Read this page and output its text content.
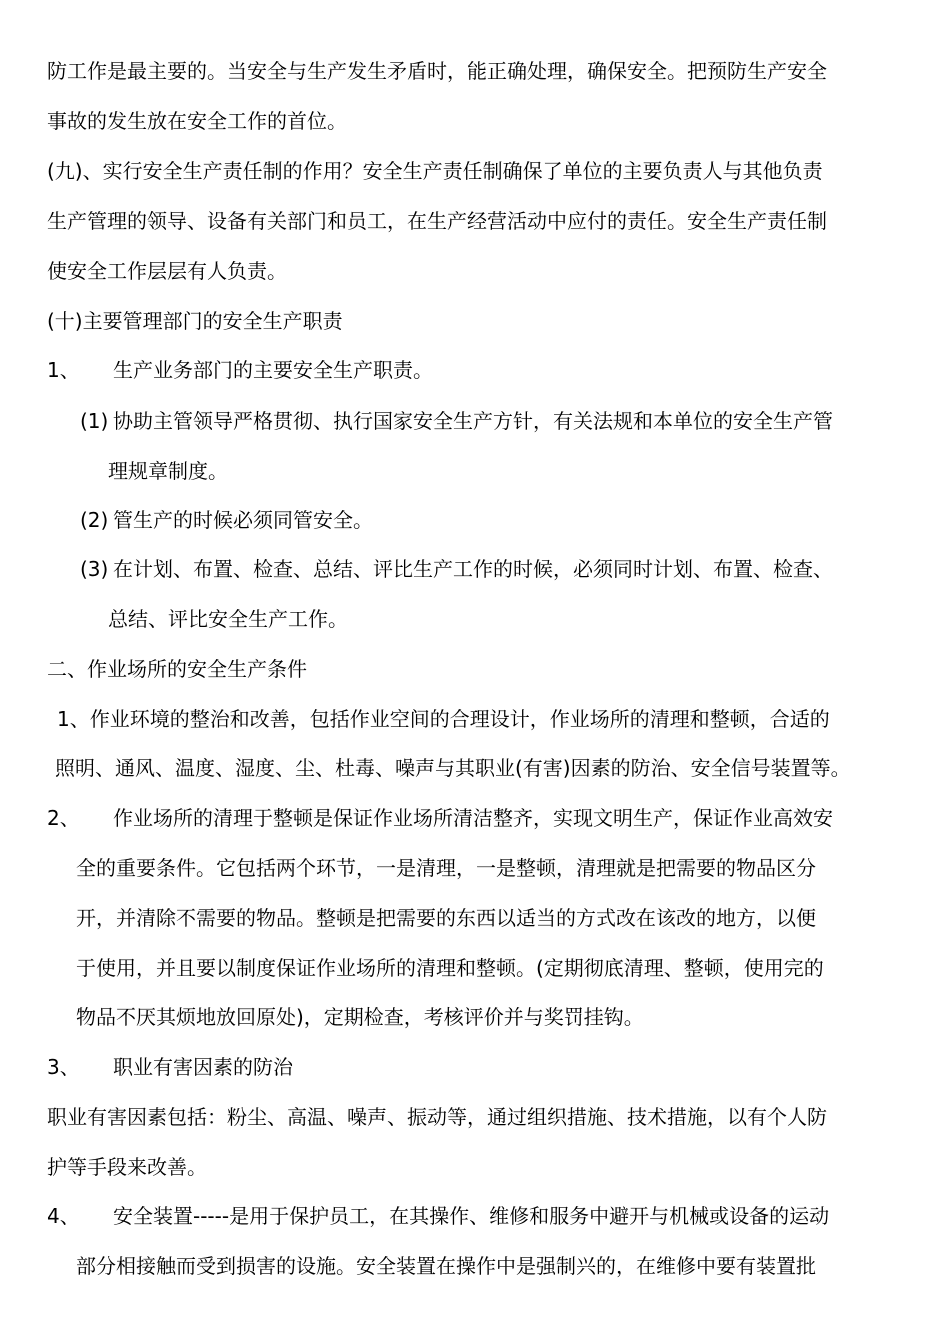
防工作是最主要的。当安全与生产发生矛盾时，能正确处理，确保安全。把预防生产安全
事故的发生放在安全工作的首位。
(九)、实行安全生产责任制的作用？安全生产责任制确保了单位的主要负责人与其他负责
生产管理的领导、设备有关部门和员工，在生产经营活动中应付的责任。安全生产责任制
使安全工作层层有人负责。
(十)主要管理部门的安全生产职责
1、 生产业务部门的主要安全生产职责。
(1) 协助主管领导严格贯彻、执行国家安全生产方针，有关法规和本单位的安全生产管
理规章制度。
(2) 管生产的时候必须同管安全。
(3) 在计划、布置、检查、总结、评比生产工作的时候，必须同时计划、布置、检查、
总结、评比安全生产工作。
二、作业场所的安全生产条件
1、作业环境的整治和改善，包括作业空间的合理设计，作业场所的清理和整顿，合适的
照明、通风、温度、湿度、尘、杜毒、噪声与其职业(有害)因素的防治、安全信号装置等。
2、 作业场所的清理于整顿是保证作业场所清洁整齐，实现文明生产，保证作业高效安
全的重要条件。它包括两个环节，一是清理，一是整顿，清理就是把需要的物品区分
开，并清除不需要的物品。整顿是把需要的东西以适当的方式改在该改的地方，以便
于使用，并且要以制度保证作业场所的清理和整顿。(定期彻底清理、整顿，使用完的
物品不厌其烦地放回原处)，定期检查，考核评价并与奖罚挂钩。
3、 职业有害因素的防治
职业有害因素包括：粉尘、高温、噪声、振动等，通过组织措施、技术措施，以有个人防
护等手段来改善。
4、 安全装置-----是用于保护员工，在其操作、维修和服务中避开与机械或设备的运动
部分相接触而受到损害的设施。安全装置在操作中是强制兴的，在维修中要有装置批
